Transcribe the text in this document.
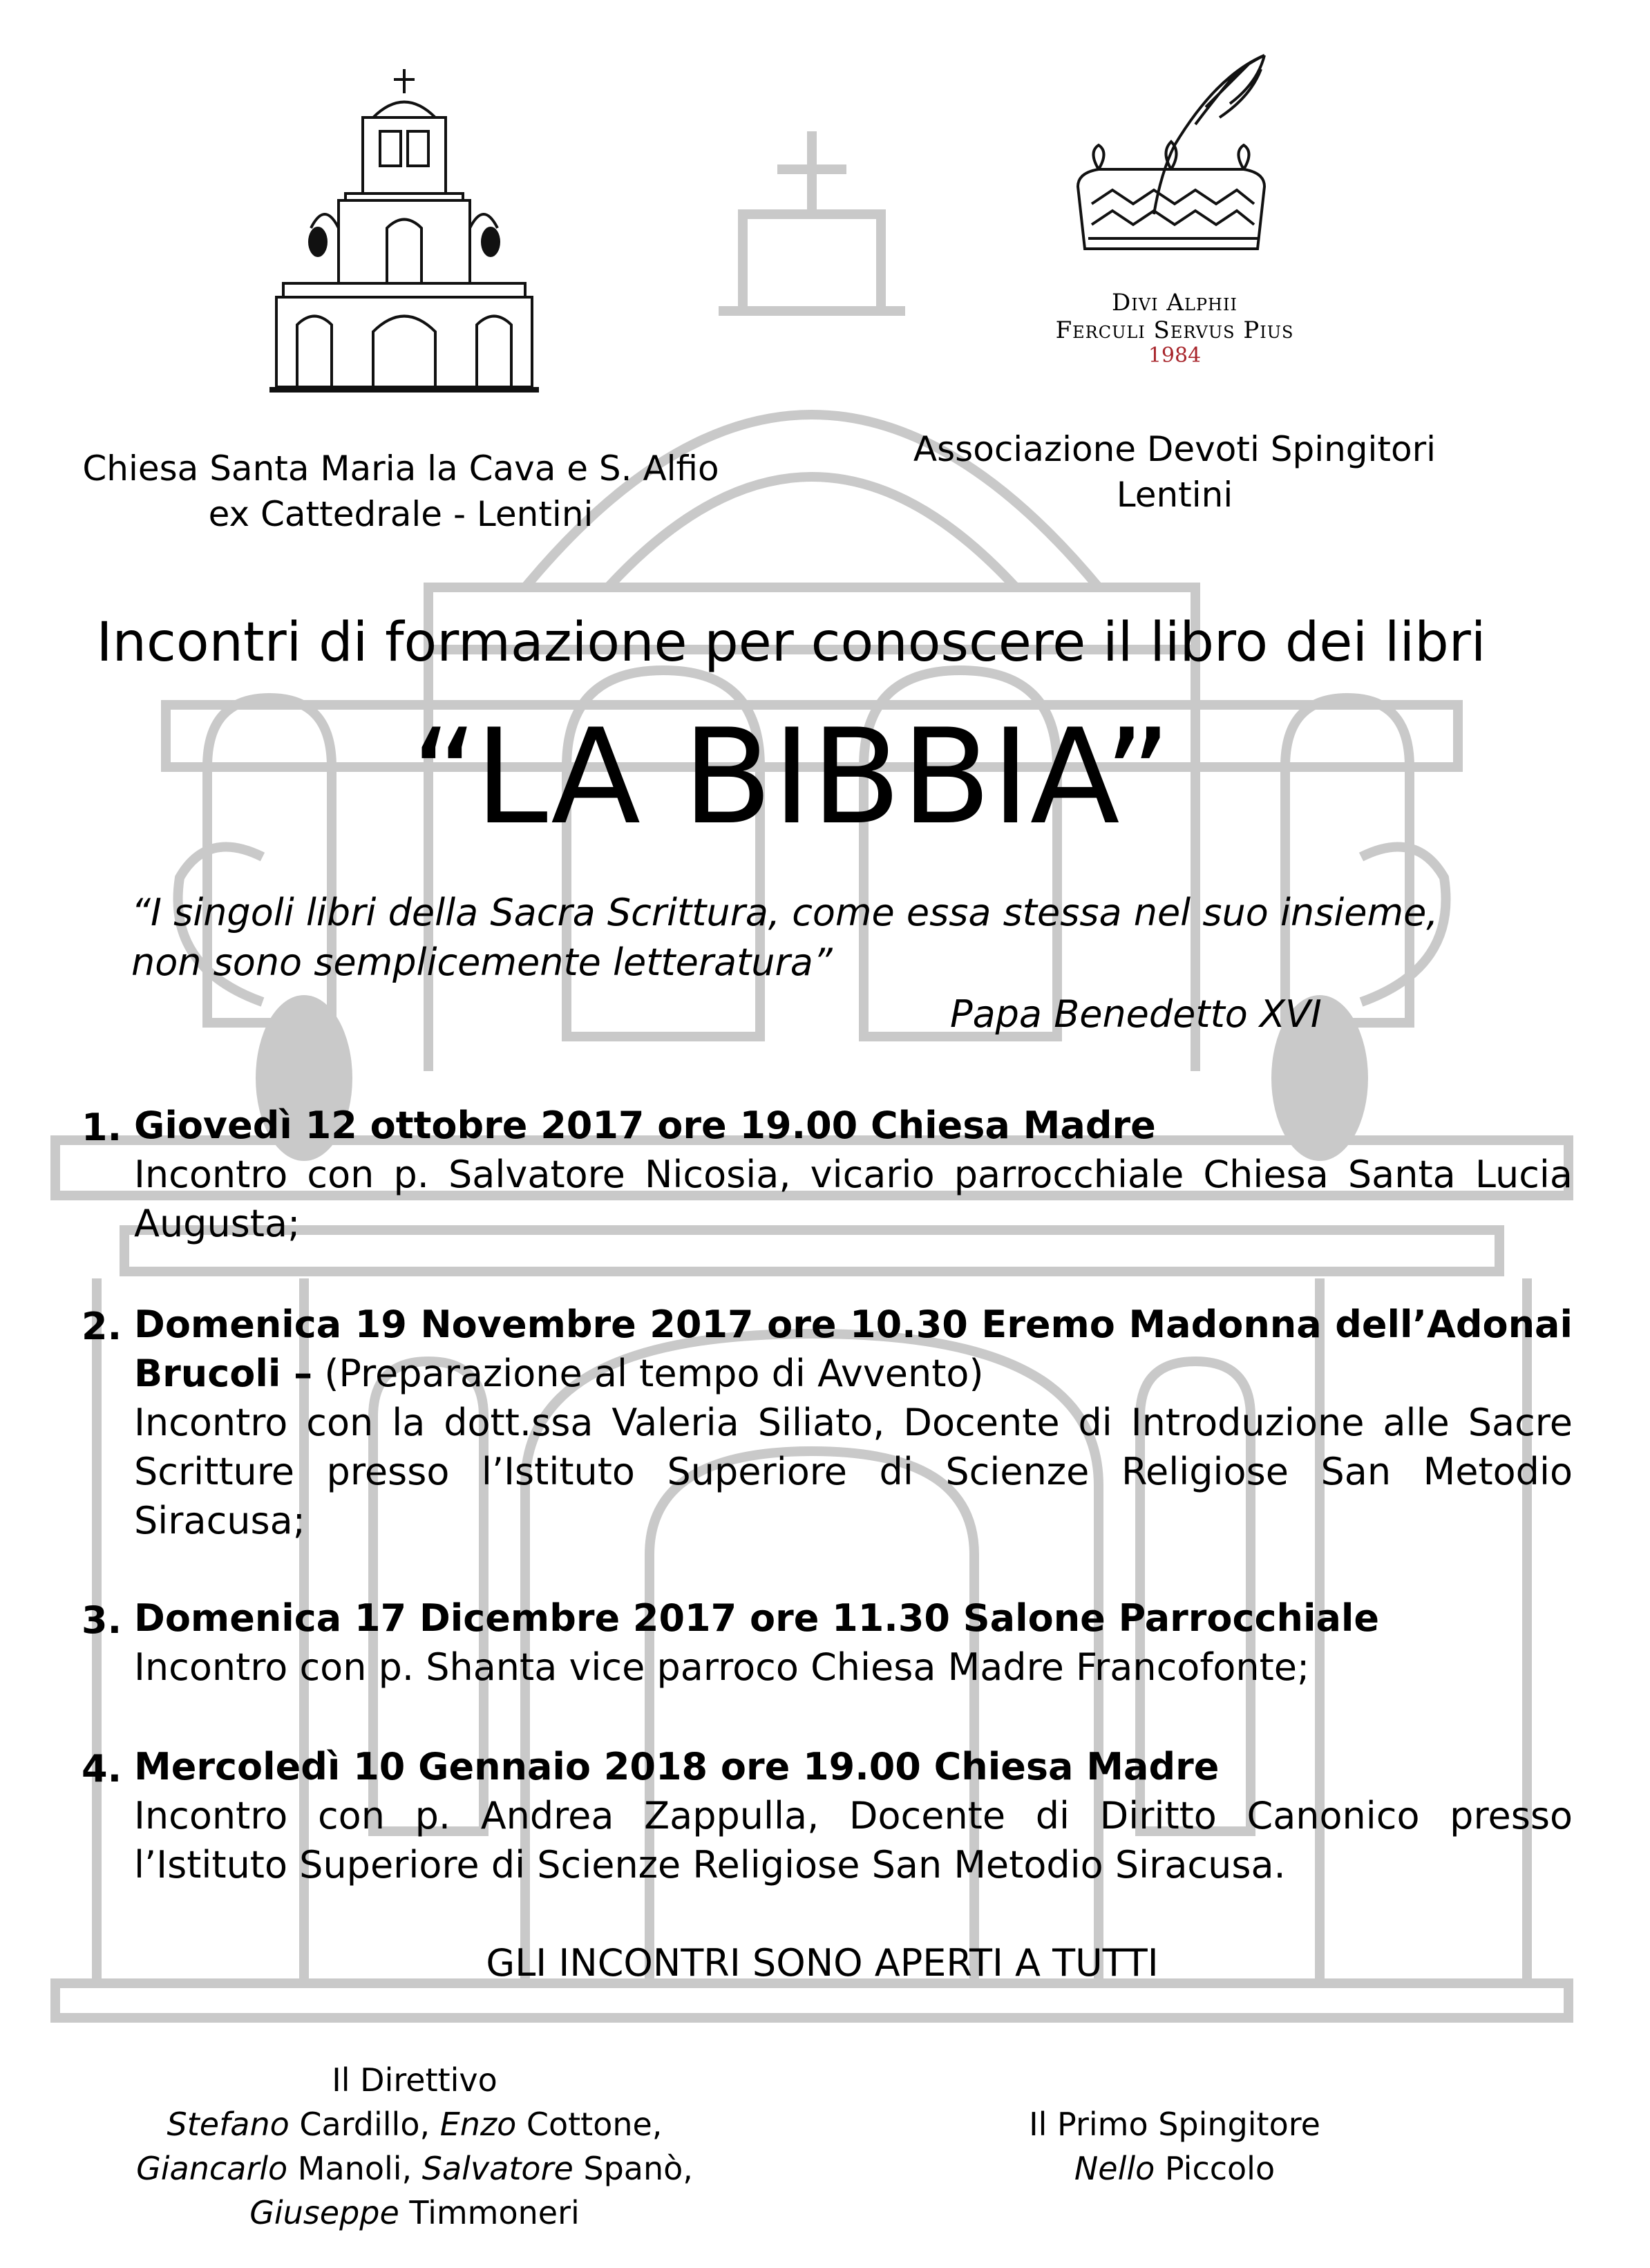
Divi Alphii
Ferculi Servus Pius
1984
Chiesa Santa Maria la Cava e S. Alfio
ex Cattedrale - Lentini
Associazione Devoti Spingitori
Lentini
Incontri di formazione per conoscere il libro dei libri
“LA BIBBIA”
“I singoli libri della Sacra Scrittura, come essa stessa nel suo insieme,
non sono semplicemente letteratura”
Papa Benedetto XVI
1. Giovedì 12 ottobre 2017 ore 19.00 Chiesa Madre
Incontro con p. Salvatore Nicosia, vicario parrocchiale Chiesa Santa Lucia Augusta;
2. Domenica 19 Novembre 2017 ore 10.30 Eremo Madonna dell’Adonai Brucoli – (Preparazione al tempo di Avvento)
Incontro con la dott.ssa Valeria Siliato, Docente di Introduzione alle Sacre Scritture presso l’Istituto Superiore di Scienze Religiose San Metodio Siracusa;
3. Domenica 17 Dicembre 2017 ore 11.30 Salone Parrocchiale
Incontro con p. Shanta vice parroco Chiesa Madre Francofonte;
4. Mercoledì 10 Gennaio 2018 ore 19.00 Chiesa Madre
Incontro con p. Andrea Zappulla, Docente di Diritto Canonico presso l’Istituto Superiore di Scienze Religiose San Metodio Siracusa.
GLI INCONTRI SONO APERTI A TUTTI
Il Direttivo
Stefano Cardillo, Enzo Cottone,
Giancarlo Manoli, Salvatore Spanò,
Giuseppe Timmoneri
Il Primo Spingitore
Nello Piccolo
